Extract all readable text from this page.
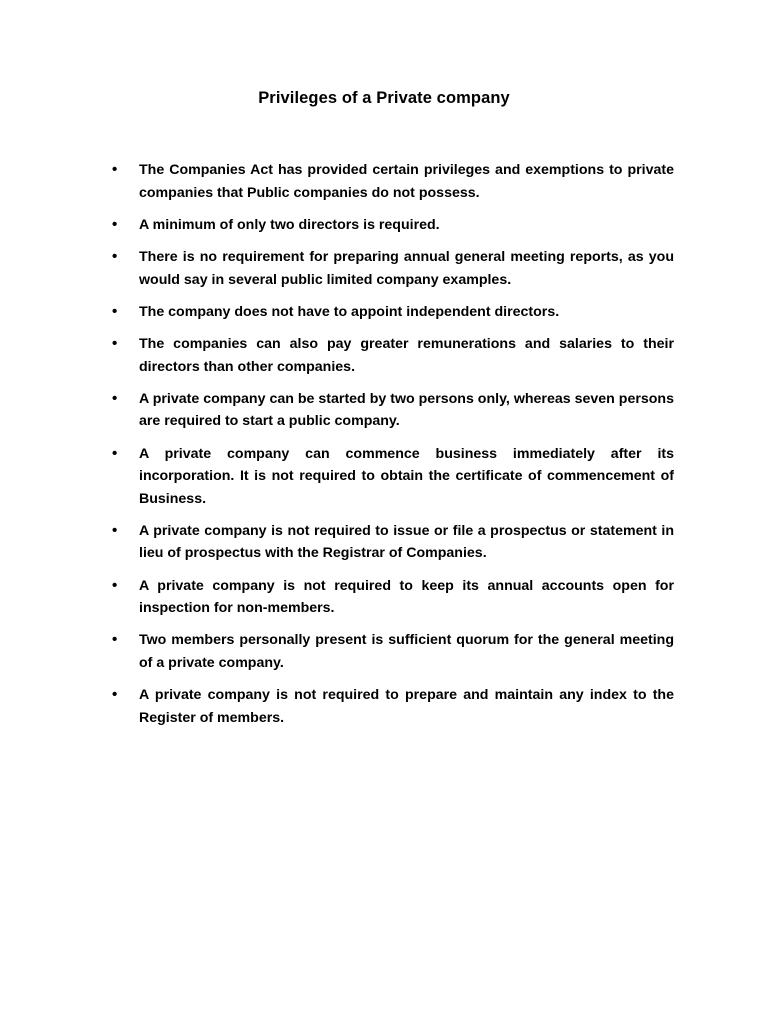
Privileges of a Private company
•	The Companies Act has provided certain privileges and exemptions to private companies that Public companies do not possess.
•	A minimum of only two directors is required.
•	There is no requirement for preparing annual general meeting reports, as you would say in several public limited company examples.
•	The company does not have to appoint independent directors.
•	The companies can also pay greater remunerations and salaries to their directors than other companies.
•	A private company can be started by two persons only, whereas seven persons are required to start a public company.
•	A private company can commence business immediately after its incorporation. It is not required to obtain the certificate of commencement of Business.
•	A private company is not required to issue or file a prospectus or statement in lieu of prospectus with the Registrar of Companies.
•	A private company is not required to keep its annual accounts open for inspection for non-members.
•	Two members personally present is sufficient quorum for the general meeting of a private company.
•	A private company is not required to prepare and maintain any index to the Register of members.
